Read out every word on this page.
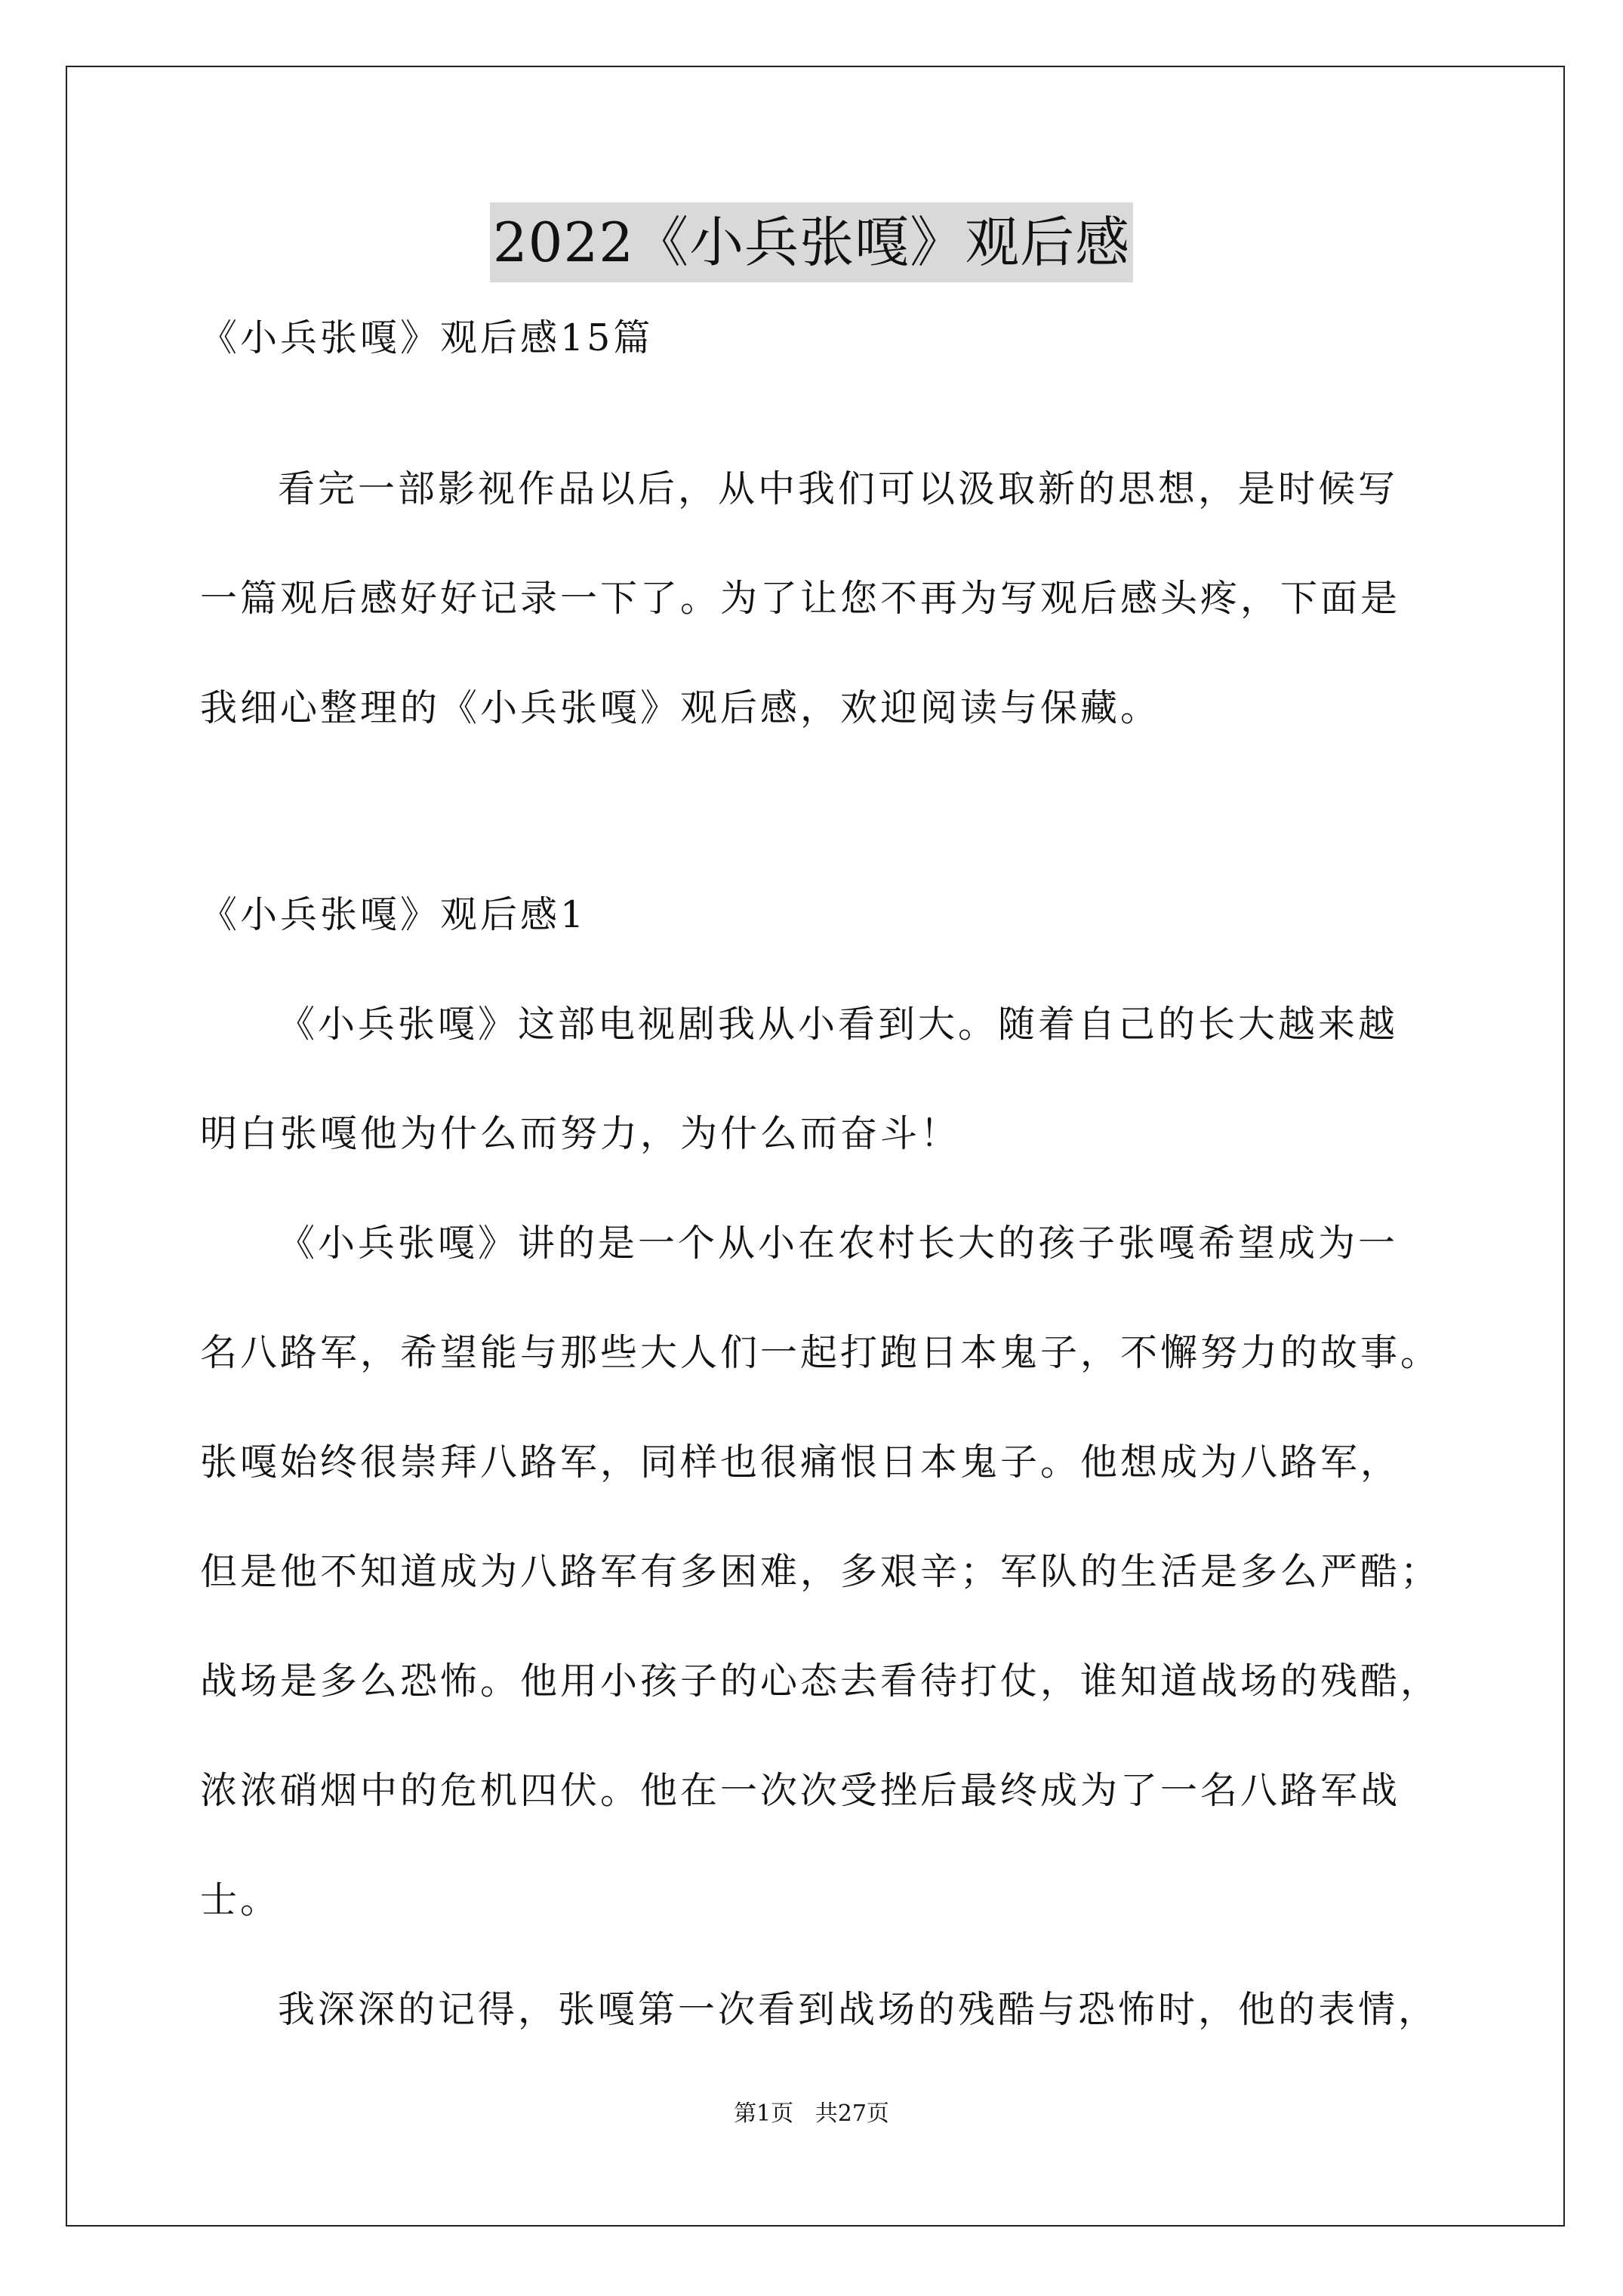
2022《小兵张嘎》观后感
《小兵张嘎》观后感15篇
看完一部影视作品以后，从中我们可以汲取新的思想，是时候写
一篇观后感好好记录一下了。为了让您不再为写观后感头疼，下面是
我细心整理的《小兵张嘎》观后感，欢迎阅读与保藏。
《小兵张嘎》观后感1
《小兵张嘎》这部电视剧我从小看到大。随着自己的长大越来越
明白张嘎他为什么而努力，为什么而奋斗！
《小兵张嘎》讲的是一个从小在农村长大的孩子张嘎希望成为一
名八路军，希望能与那些大人们一起打跑日本鬼子，不懈努力的故事。
张嘎始终很崇拜八路军，同样也很痛恨日本鬼子。他想成为八路军，
但是他不知道成为八路军有多困难，多艰辛；军队的生活是多么严酷；
战场是多么恐怖。他用小孩子的心态去看待打仗，谁知道战场的残酷，
浓浓硝烟中的危机四伏。他在一次次受挫后最终成为了一名八路军战
士。
我深深的记得，张嘎第一次看到战场的残酷与恐怖时，他的表情，
第1页   共27页
